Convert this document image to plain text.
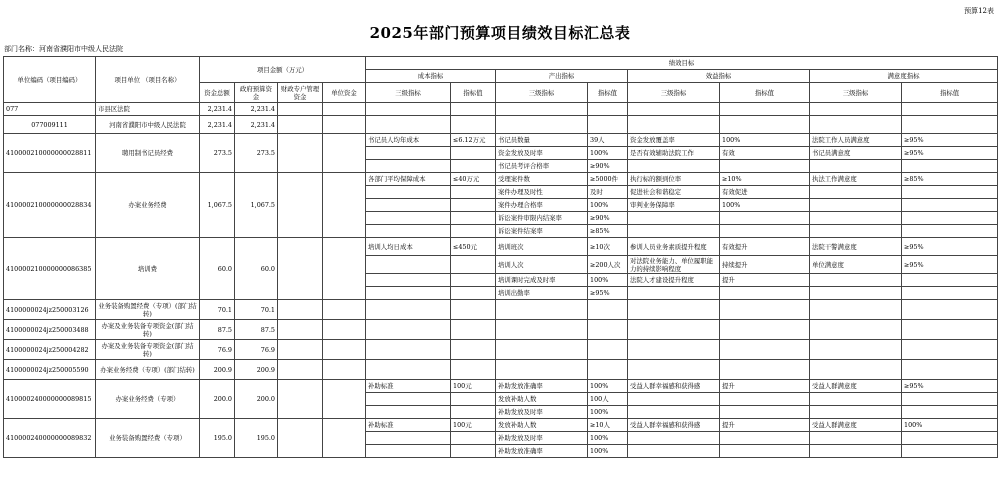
预算12表
2025年部门预算项目绩效目标汇总表
部门名称：河南省濮阳市中级人民法院
单位编码（项目编码）	项目单位 （项目名称）	项目金额（万元）				绩效目标							
						成本指标		产出指标		效益指标		满意度指标	
		资金总额	政府预算资金	财政专户管理资金	单位资金	三级指标	指标值	三级指标	指标值	三级指标	指标值	三级指标	指标值
077	市县区法院	2,231.4	2,231.4										
077009111	河南省濮阳市中级人民法院	2,231.4	2,231.4										
410000210000000028811	聘用制书记员经费	273.5	273.5			书记员人均年成本	≤6.12万元	书记员数量	39人	资金发放覆盖率	100%	法院工作人员满意度	≥95%
								资金发放及时率	100%	是否有效辅助法院工作	有效	书记员满意度	≥95%
								书记员考评合格率	≥90%				
410000210000000028834	办案业务经费	1,067.5	1,067.5			各部门平均保障成本	≤40万元	受理案件数	≥5000件	执行标的额到位率	≥10%	执法工作满意度	≥85%
								案件办理及时性	及时	促进社会和谐稳定	有效促进		
								案件办理合格率	100%	审判业务保障率	100%		
								诉讼案件审限内结案率	≥90%				
								诉讼案件结案率	≥85%				
410000210000000086385	培训费	60.0	60.0			培训人均日成本	≤450元	培训班次	≥10次	参训人员业务素质提升程度	有效提升	法院干警满意度	≥95%
								培训人次	≥200人次	对法院业务能力、单位履职能力的持续影响程度	持续提升	单位满意度	≥95%
								培训课时完成及时率	100%	法院人才建设提升程度	提升		
								培训出勤率	≥95%				
4100000024jz250003126	业务装备购置经费（专项）(部门结转)	70.1	70.1										
4100000024jz250003488	办案及业务装备专项资金(部门结转)	87.5	87.5										
4100000024jz250004282	办案及业务装备专项资金(部门结转)	76.9	76.9										
4100000024jz250005590	办案业务经费（专项）(部门结转)	200.9	200.9										
410000240000000089815	办案业务经费（专项）	200.0	200.0			补助标准	100元	补助发放准确率	100%	受益人群幸福感和获得感	提升	受益人群满意度	≥95%
								发放补助人数	100人				
								补助发放及时率	100%				
410000240000000089832	业务装备购置经费（专项）	195.0	195.0			补助标准	100元	发放补助人数	≥10人	受益人群幸福感和获得感	提升	受益人群满意度	100%
								补助发放及时率	100%				
								补助发放准确率	100%				
